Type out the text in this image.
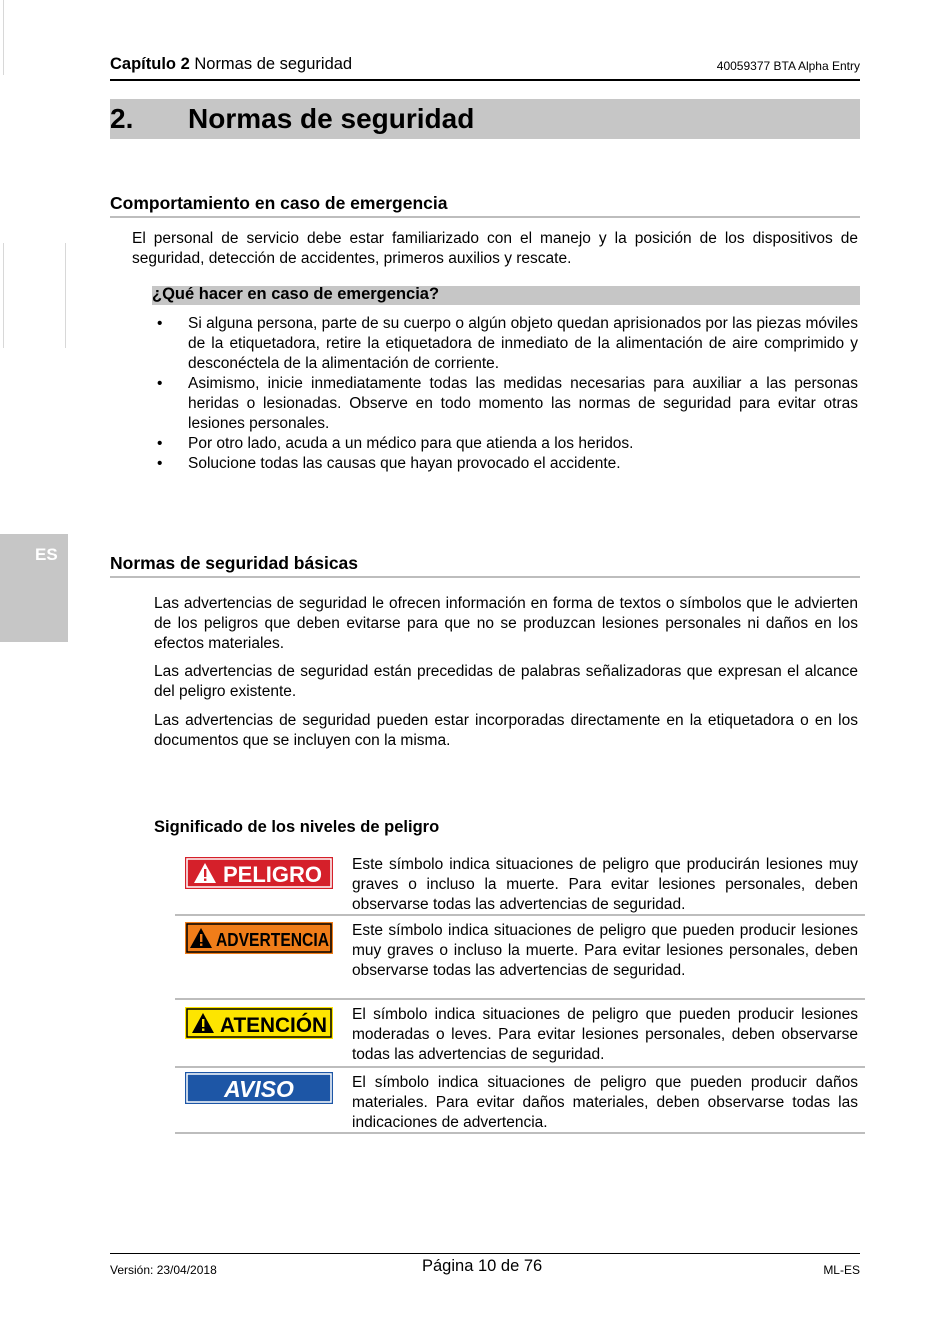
Capítulo 2 Normas de seguridad	40059377 BTA Alpha Entry
2. Normas de seguridad
Comportamiento en caso de emergencia
El personal de servicio debe estar familiarizado con el manejo y la posición de los dispositivos de seguridad, detección de accidentes, primeros auxilios y rescate.
¿Qué hacer en caso de emergencia?
• Si alguna persona, parte de su cuerpo o algún objeto quedan aprisionados por las piezas móviles de la etiquetadora, retire la etiquetadora de inmediato de la alimentación de aire comprimido y desconéctela de la alimentación de corriente.
• Asimismo, inicie inmediatamente todas las medidas necesarias para auxiliar a las personas heridas o lesionadas. Observe en todo momento las normas de seguridad para evitar otras lesiones personales.
• Por otro lado, acuda a un médico para que atienda a los heridos.
• Solucione todas las causas que hayan provocado el accidente.
ES	Normas de seguridad básicas
Las advertencias de seguridad le ofrecen información en forma de textos o símbolos que le advierten de los peligros que deben evitarse para que no se produzcan lesiones personales ni daños en los efectos materiales.
Las advertencias de seguridad están precedidas de palabras señalizadoras que expresan el alcance del peligro existente.
Las advertencias de seguridad pueden estar incorporadas directamente en la etiquetadora o en los documentos que se incluyen con la misma.
Significado de los niveles de peligro
PELIGRO Este símbolo indica situaciones de peligro que producirán lesiones muy graves o incluso la muerte. Para evitar lesiones personales, deben observarse todas las advertencias de seguridad.
ADVERTENCIA Este símbolo indica situaciones de peligro que pueden producir lesiones muy graves o incluso la muerte. Para evitar lesiones personales, deben observarse todas las advertencias de seguridad.
ATENCIÓN El símbolo indica situaciones de peligro que pueden producir lesiones moderadas o leves. Para evitar lesiones personales, deben observarse todas las advertencias de seguridad.
AVISO	El símbolo indica situaciones de peligro que pueden producir daños materiales. Para evitar daños materiales, deben observarse todas las indicaciones de advertencia.
Versión: 23/04/2018	Página 10 de 76	ML-ES
